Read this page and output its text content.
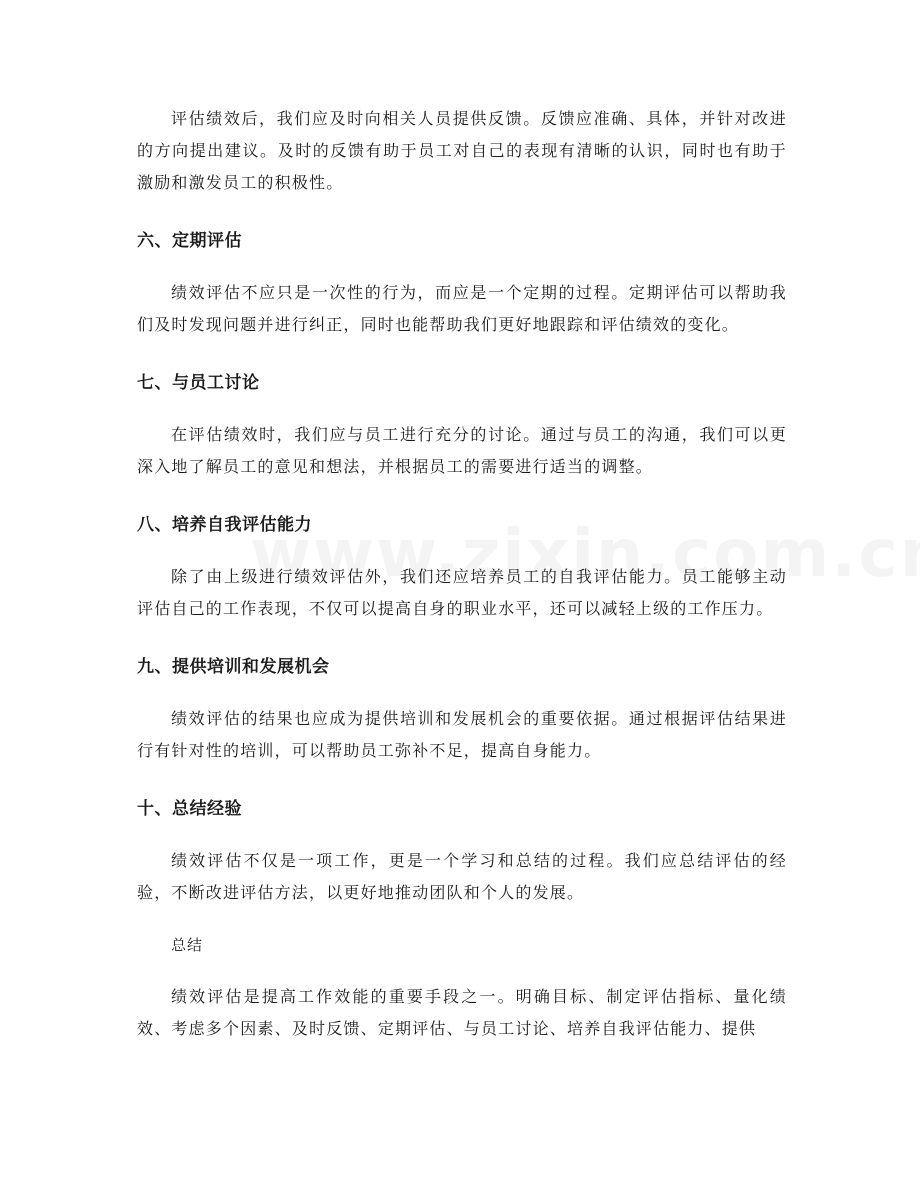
评估绩效后，我们应及时向相关人员提供反馈。反馈应准确、具体，并针对改进的方向提出建议。及时的反馈有助于员工对自己的表现有清晰的认识，同时也有助于激励和激发员工的积极性。

六、定期评估

绩效评估不应只是一次性的行为，而应是一个定期的过程。定期评估可以帮助我们及时发现问题并进行纠正，同时也能帮助我们更好地跟踪和评估绩效的变化。

七、与员工讨论

在评估绩效时，我们应与员工进行充分的讨论。通过与员工的沟通，我们可以更深入地了解员工的意见和想法，并根据员工的需要进行适当的调整。

八、培养自我评估能力

除了由上级进行绩效评估外，我们还应培养员工的自我评估能力。员工能够主动评估自己的工作表现，不仅可以提高自身的职业水平，还可以减轻上级的工作压力。

九、提供培训和发展机会

绩效评估的结果也应成为提供培训和发展机会的重要依据。通过根据评估结果进行有针对性的培训，可以帮助员工弥补不足，提高自身能力。

十、总结经验

绩效评估不仅是一项工作，更是一个学习和总结的过程。我们应总结评估的经验，不断改进评估方法，以更好地推动团队和个人的发展。

总结

绩效评估是提高工作效能的重要手段之一。明确目标、制定评估指标、量化绩效、考虑多个因素、及时反馈、定期评估、与员工讨论、培养自我评估能力、提供
